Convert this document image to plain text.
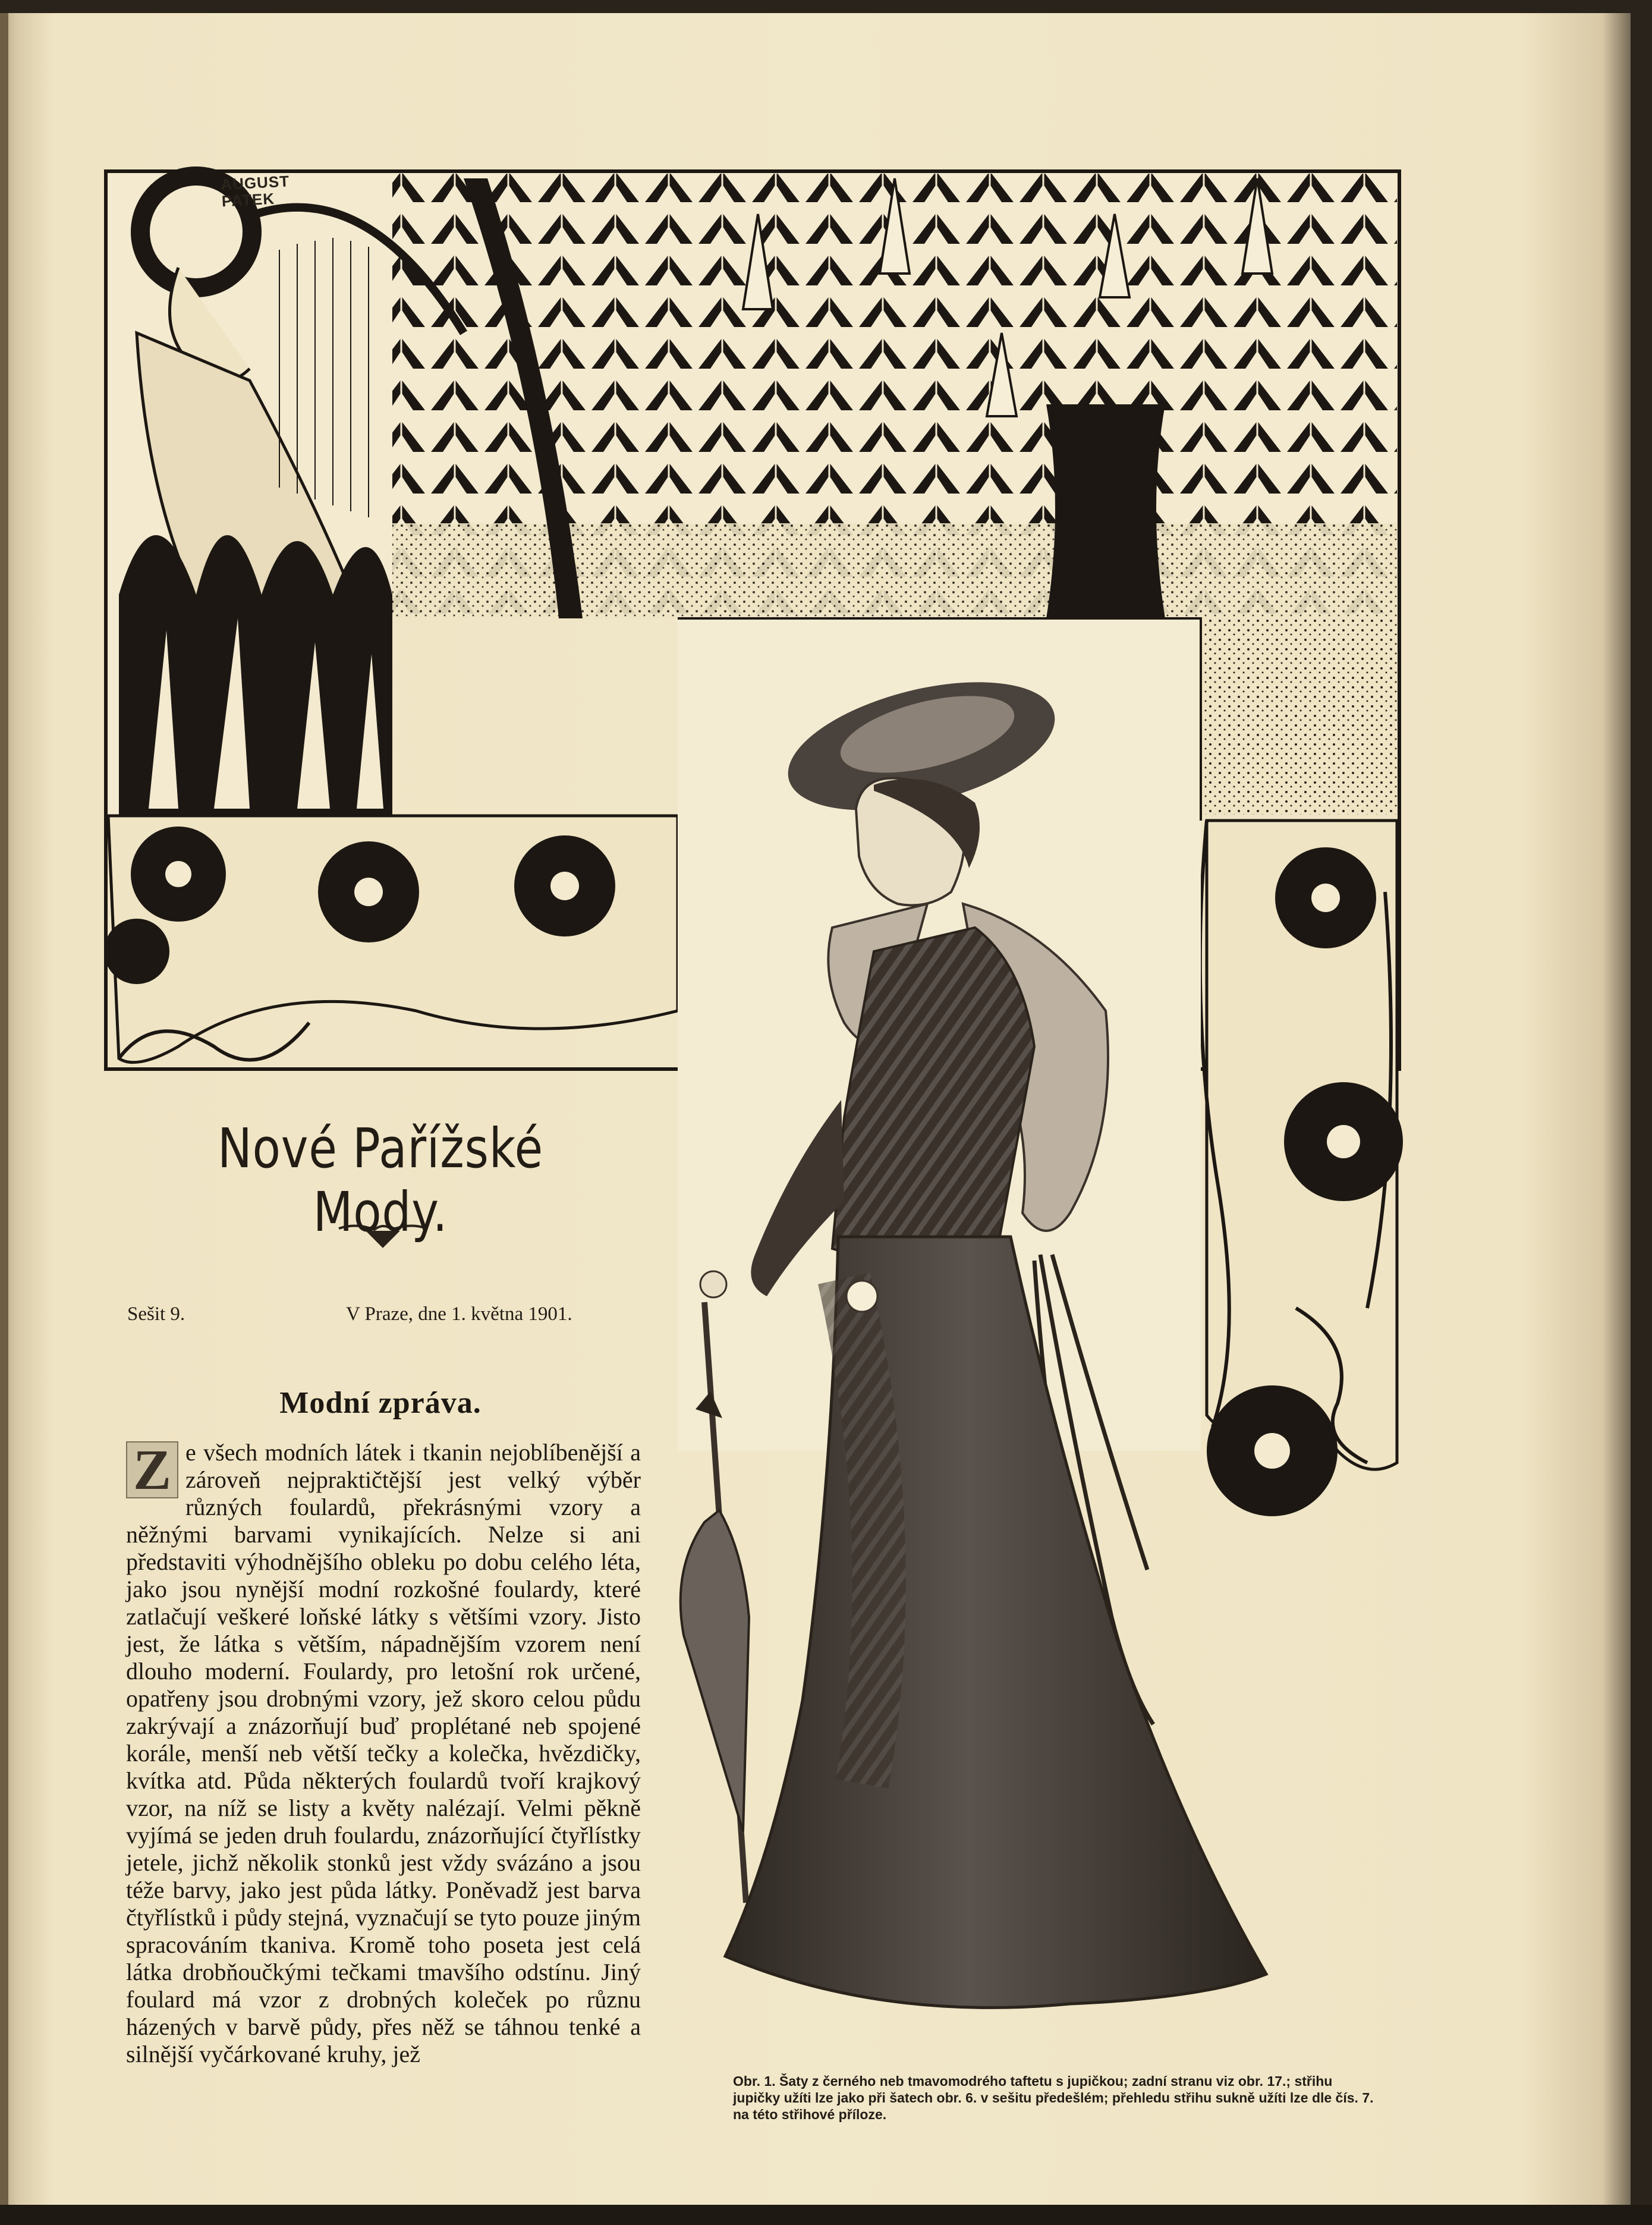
AUGUST PATEK
Nové Pařížské Mody.
Sešit 9.	V Praze, dne 1. května 1901.
Modní zpráva.
Z e všech modních látek i tkanin nejoblíbenější a zároveň nejpraktičtější jest velký výběr různých foulardů, překrásnými vzory a něžnými barvami vynikajících. Nelze si ani představiti výhodnějšího obleku po dobu celého léta, jako jsou nynější modní rozkošné foulardy, které zatlačují veškeré loňské látky s většími vzory. Jisto jest, že látka s větším, nápadnějším vzorem není dlouho moderní. Foulardy, pro letošní rok určené, opatřeny jsou drobnými vzory, jež skoro celou půdu zakrývají a znázorňují buď proplétané neb spojené korále, menší neb větší tečky a kolečka, hvězdičky, kvítka atd. Půda některých foulardů tvoří krajkový vzor, na níž se listy a květy nalézají. Velmi pěkně vyjímá se jeden druh foulardu, znázorňující čtyřlístky jetele, jichž několik stonků jest vždy svázáno a jsou téže barvy, jako jest půda látky. Poněvadž jest barva čtyřlístků i půdy stejná, vyznačují se tyto pouze jiným spracováním tkaniva. Kromě toho poseta jest celá látka drobňoučkými tečkami tmavšího odstínu. Jiný foulard má vzor z drobných koleček po různu házených v barvě půdy, přes něž se táhnou tenké a silnější vyčárkované kruhy, jež
Obr. 1. Šaty z černého neb tmavomodrého taftetu s jupičkou; zadní stranu viz obr. 17.; střihu jupičky užíti lze jako při šatech obr. 6. v sešitu předešlém; přehledu střihu sukně užíti lze dle čís. 7. na této střihové příloze.
